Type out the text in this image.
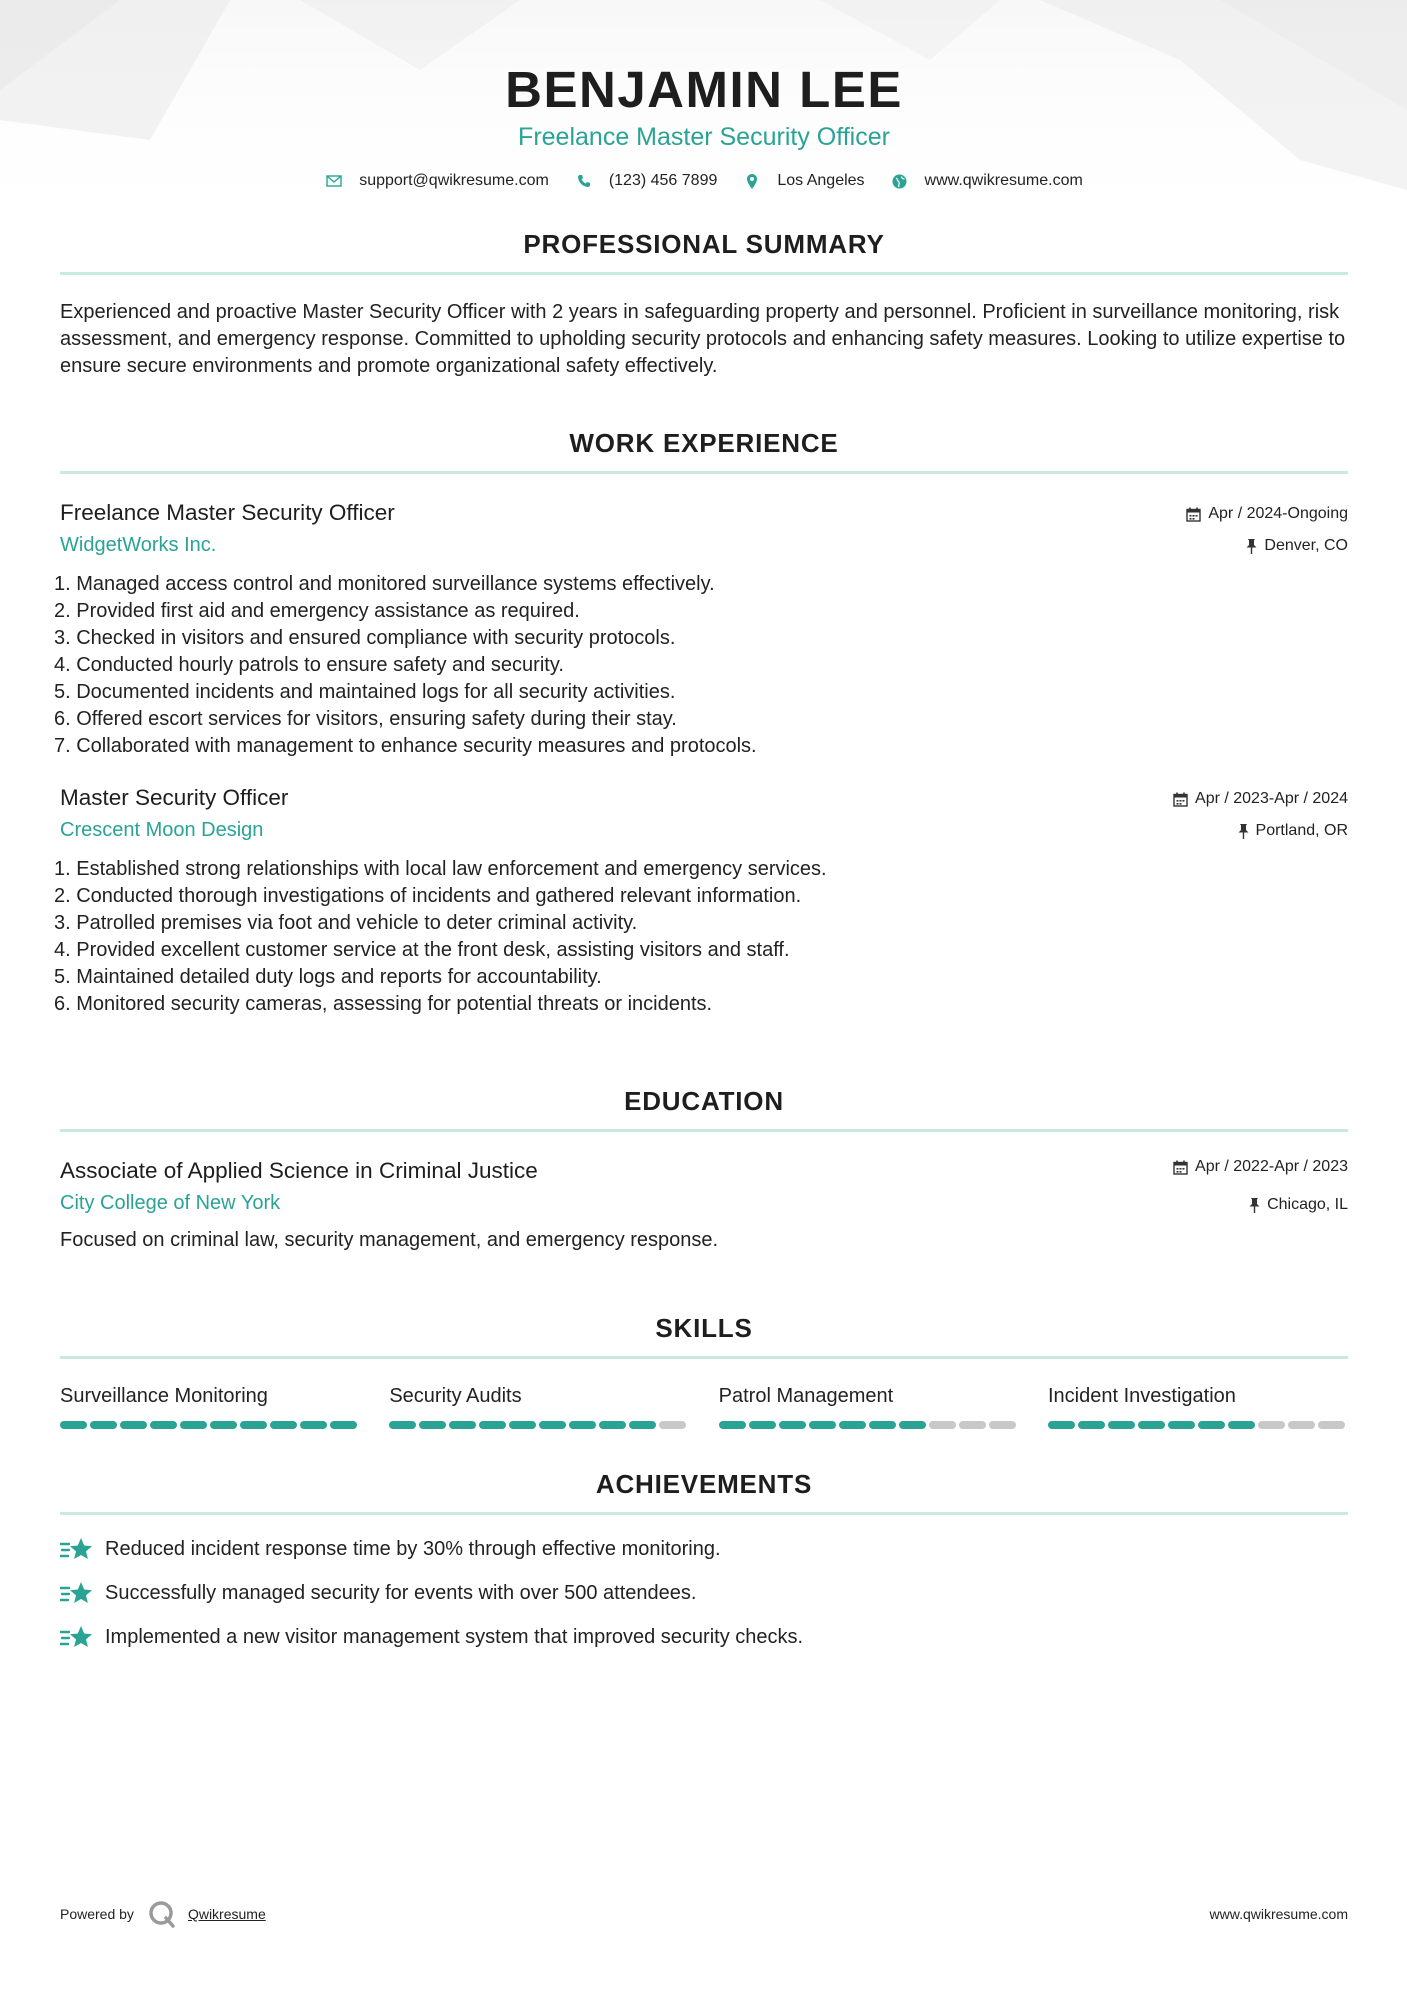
BENJAMIN LEE
Freelance Master Security Officer
support@qwikresume.com	(123) 456 7899	Los Angeles	www.qwikresume.com
PROFESSIONAL SUMMARY
Experienced and proactive Master Security Officer with 2 years in safeguarding property and personnel. Proficient in surveillance monitoring, risk assessment, and emergency response. Committed to upholding security protocols and enhancing safety measures. Looking to utilize expertise to ensure secure environments and promote organizational safety effectively.
WORK EXPERIENCE
Freelance Master Security Officer
WidgetWorks Inc.
Apr / 2024-Ongoing
Denver, CO
1. Managed access control and monitored surveillance systems effectively.
2. Provided first aid and emergency assistance as required.
3. Checked in visitors and ensured compliance with security protocols.
4. Conducted hourly patrols to ensure safety and security.
5. Documented incidents and maintained logs for all security activities.
6. Offered escort services for visitors, ensuring safety during their stay.
7. Collaborated with management to enhance security measures and protocols.
Master Security Officer
Crescent Moon Design
Apr / 2023-Apr / 2024
Portland, OR
1. Established strong relationships with local law enforcement and emergency services.
2. Conducted thorough investigations of incidents and gathered relevant information.
3. Patrolled premises via foot and vehicle to deter criminal activity.
4. Provided excellent customer service at the front desk, assisting visitors and staff.
5. Maintained detailed duty logs and reports for accountability.
6. Monitored security cameras, assessing for potential threats or incidents.
EDUCATION
Associate of Applied Science in Criminal Justice
City College of New York
Apr / 2022-Apr / 2023
Chicago, IL
Focused on criminal law, security management, and emergency response.
SKILLS
Surveillance Monitoring	Security Audits	Patrol Management	Incident Investigation
ACHIEVEMENTS
Reduced incident response time by 30% through effective monitoring.
Successfully managed security for events with over 500 attendees.
Implemented a new visitor management system that improved security checks.
Powered by	Qwikresume	www.qwikresume.com
